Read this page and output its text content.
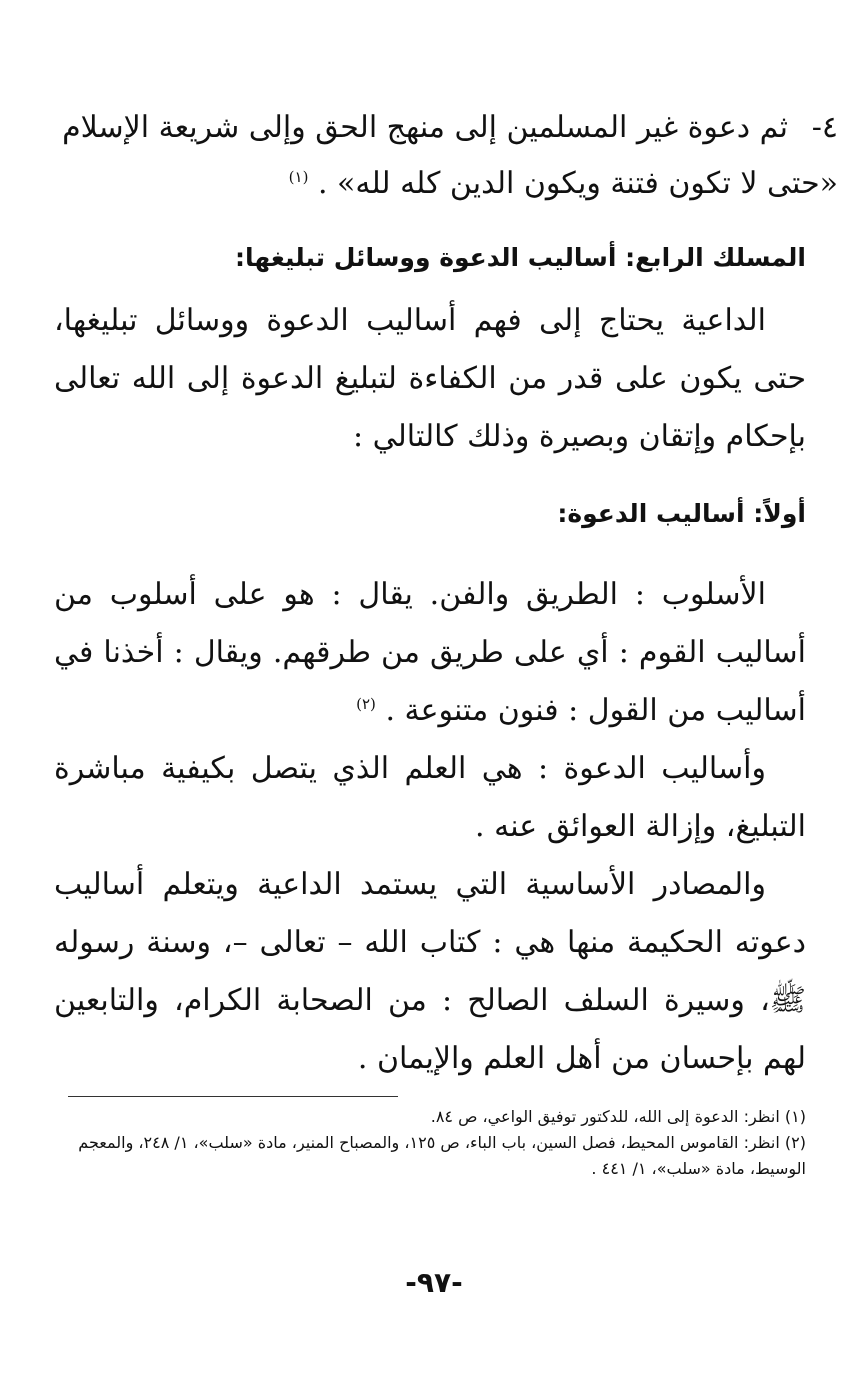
٤-ثم دعوة غير المسلمين إلى منهج الحق وإلى شريعة الإسلام «حتى لا تكون فتنة ويكون الدين كله لله» . $^{(١)}$
المسلك الرابع: أساليب الدعوة ووسائل تبليغها:
الداعية يحتاج إلى فهم أساليب الدعوة ووسائل تبليغها، حتى يكون على قدر من الكفاءة لتبليغ الدعوة إلى الله تعالى بإحكام وإتقان وبصيرة وذلك كالتالي :
أولاً: أساليب الدعوة:
الأسلوب : الطريق والفن. يقال : هو على أسلوب من أساليب القوم : أي على طريق من طرقهم. ويقال : أخذنا في أساليب من القول : فنون متنوعة . $^{(٢)}$
وأساليب الدعوة : هي العلم الذي يتصل بكيفية مباشرة التبليغ، وإزالة العوائق عنه .
والمصادر الأساسية التي يستمد الداعية ويتعلم أساليب دعوته الحكيمة منها هي : كتاب الله – تعالى –، وسنة رسوله ﷺ، وسيرة السلف الصالح : من الصحابة الكرام، والتابعين لهم بإحسان من أهل العلم والإيمان .

(١) انظر: الدعوة إلى الله، للدكتور توفيق الواعي، ص ٨٤.

(٢) انظر: القاموس المحيط، فصل السين، باب الباء، ص ١٢٥، والمصباح المنير، مادة «سلب»، ١/ ٢٤٨، والمعجم الوسيط، مادة «سلب»، ١/ ٤٤١ .

-٩٧-
